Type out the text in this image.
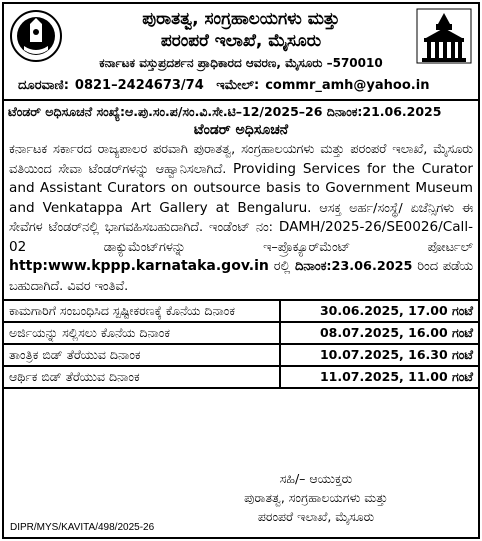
ಪುರಾತತ್ವ, ಸಂಗ್ರಹಾಲಯಗಳು ಮತ್ತು
ಪರಂಪರೆ ಇಲಾಖೆ, ಮೈಸೂರು
ಕರ್ನಾಟಕ ವಸ್ತುಪ್ರದರ್ಶನ ಪ್ರಾಧಿಕಾರದ ಆವರಣ, ಮೈಸೂರು –570010
ದೂರವಾಣಿ: 0821–2424673/74 ಇಮೇಲ್: commr_amh@yahoo.in
ಟೆಂಡರ್ ಅಧಿಸೂಚನೆ ಸಂಖ್ಯೆ:ಆ.ಪು.ಸಂ.ಪ/ಸಂ.ವಿ.ಸೇ.ಟಿ–12/2025–26 ದಿನಾಂಕ:21.06.2025
ಟೆಂಡರ್ ಅಧಿಸೂಚನೆ
ಕರ್ನಾಟಕ ಸರ್ಕಾರದ ರಾಜ್ಯಪಾಲರ ಪರವಾಗಿ ಪುರಾತತ್ವ, ಸಂಗ್ರಹಾಲಯಗಳು ಮತ್ತು ಪರಂಪರೆ ಇಲಾಖೆ, ಮೈಸೂರು ವತಿಯಿಂದ ಸೇವಾ ಟೆಂಡರ್‌ಗಳನ್ನು ಆಹ್ವಾನಿಸಲಾಗಿದೆ. Providing Services for the Curator and Assistant Curators on outsource basis to Government Museum and Venkatappa Art Gallery at Bengaluru. ಆಸಕ್ತ ಅರ್ಹ/ಸಂಸ್ಥೆ/ ಏಜೆನ್ಸಿಗಳು ಈ ಸೇವೆಗಳ ಟೆಂಡರ್‌ನಲ್ಲಿ ಭಾಗವಹಿಸಬಹುದಾಗಿದೆ. ಇಂಡೆಂಟ್ ನಂ: DAMH/2025-26/SE0026/Call-02	ಡಾಕ್ಯುಮೆಂಟ್‌ಗಳನ್ನು ಇ–ಪ್ರೊಕ್ಯೂರ್‌ಮೆಂಟ್ ಪೋರ್ಟಲ್ http:www.kppp.karnataka.gov.in ರಲ್ಲಿ ದಿನಾಂಕ:23.06.2025 ರಿಂದ ಪಡೆಯ ಬಹುದಾಗಿದೆ. ವಿವರ ಇಂತಿವೆ.
ಕಾಮಗಾರಿಗೆ ಸಂಬಂಧಿಸಿದ ಸ್ಪಷ್ಟೀಕರಣಕ್ಕೆ ಕೊನೆಯ ದಿನಾಂಕ	30.06.2025, 17.00 ಗಂಟೆ
ಅರ್ಜಿಯನ್ನು ಸಲ್ಲಿಸಲು ಕೊನೆಯ ದಿನಾಂಕ	08.07.2025, 16.00 ಗಂಟೆ
ತಾಂತ್ರಿಕ ಬಿಡ್ ತೆರೆಯುವ ದಿನಾಂಕ	10.07.2025, 16.30 ಗಂಟೆ
ಆರ್ಥಿಕ ಬಿಡ್ ತೆರೆಯುವ ದಿನಾಂಕ	11.07.2025, 11.00 ಗಂಟೆ
ಸಹಿ/– ಆಯುಕ್ತರು
ಪುರಾತತ್ವ, ಸಂಗ್ರಹಾಲಯಗಳು ಮತ್ತು
ಪರಂಪರೆ ಇಲಾಖೆ, ಮೈಸೂರು
DIPR/MYS/KAVITA/498/2025-26
